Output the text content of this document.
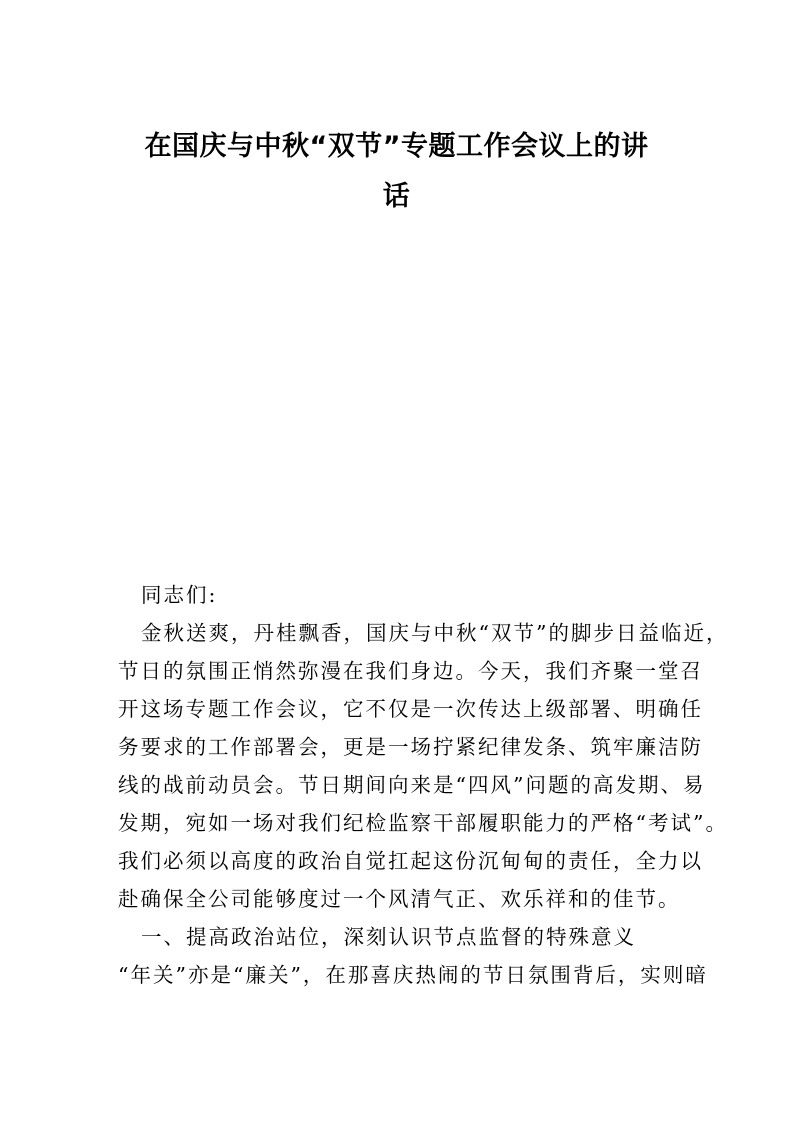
在国庆与中秋“双节”专题工作会议上的讲
话
同志们:
金秋送爽，丹桂飘香，国庆与中秋“双节”的脚步日益临近，
节日的氛围正悄然弥漫在我们身边。今天，我们齐聚一堂召
开这场专题工作会议，它不仅是一次传达上级部署、明确任
务要求的工作部署会，更是一场拧紧纪律发条、筑牢廉洁防
线的战前动员会。节日期间向来是“四风”问题的高发期、易
发期，宛如一场对我们纪检监察干部履职能力的严格“考试”。
我们必须以高度的政治自觉扛起这份沉甸甸的责任，全力以
赴确保全公司能够度过一个风清气正、欢乐祥和的佳节。
一、提高政治站位，深刻认识节点监督的特殊意义
“年关”亦是“廉关”，在那喜庆热闹的节日氛围背后，实则暗
